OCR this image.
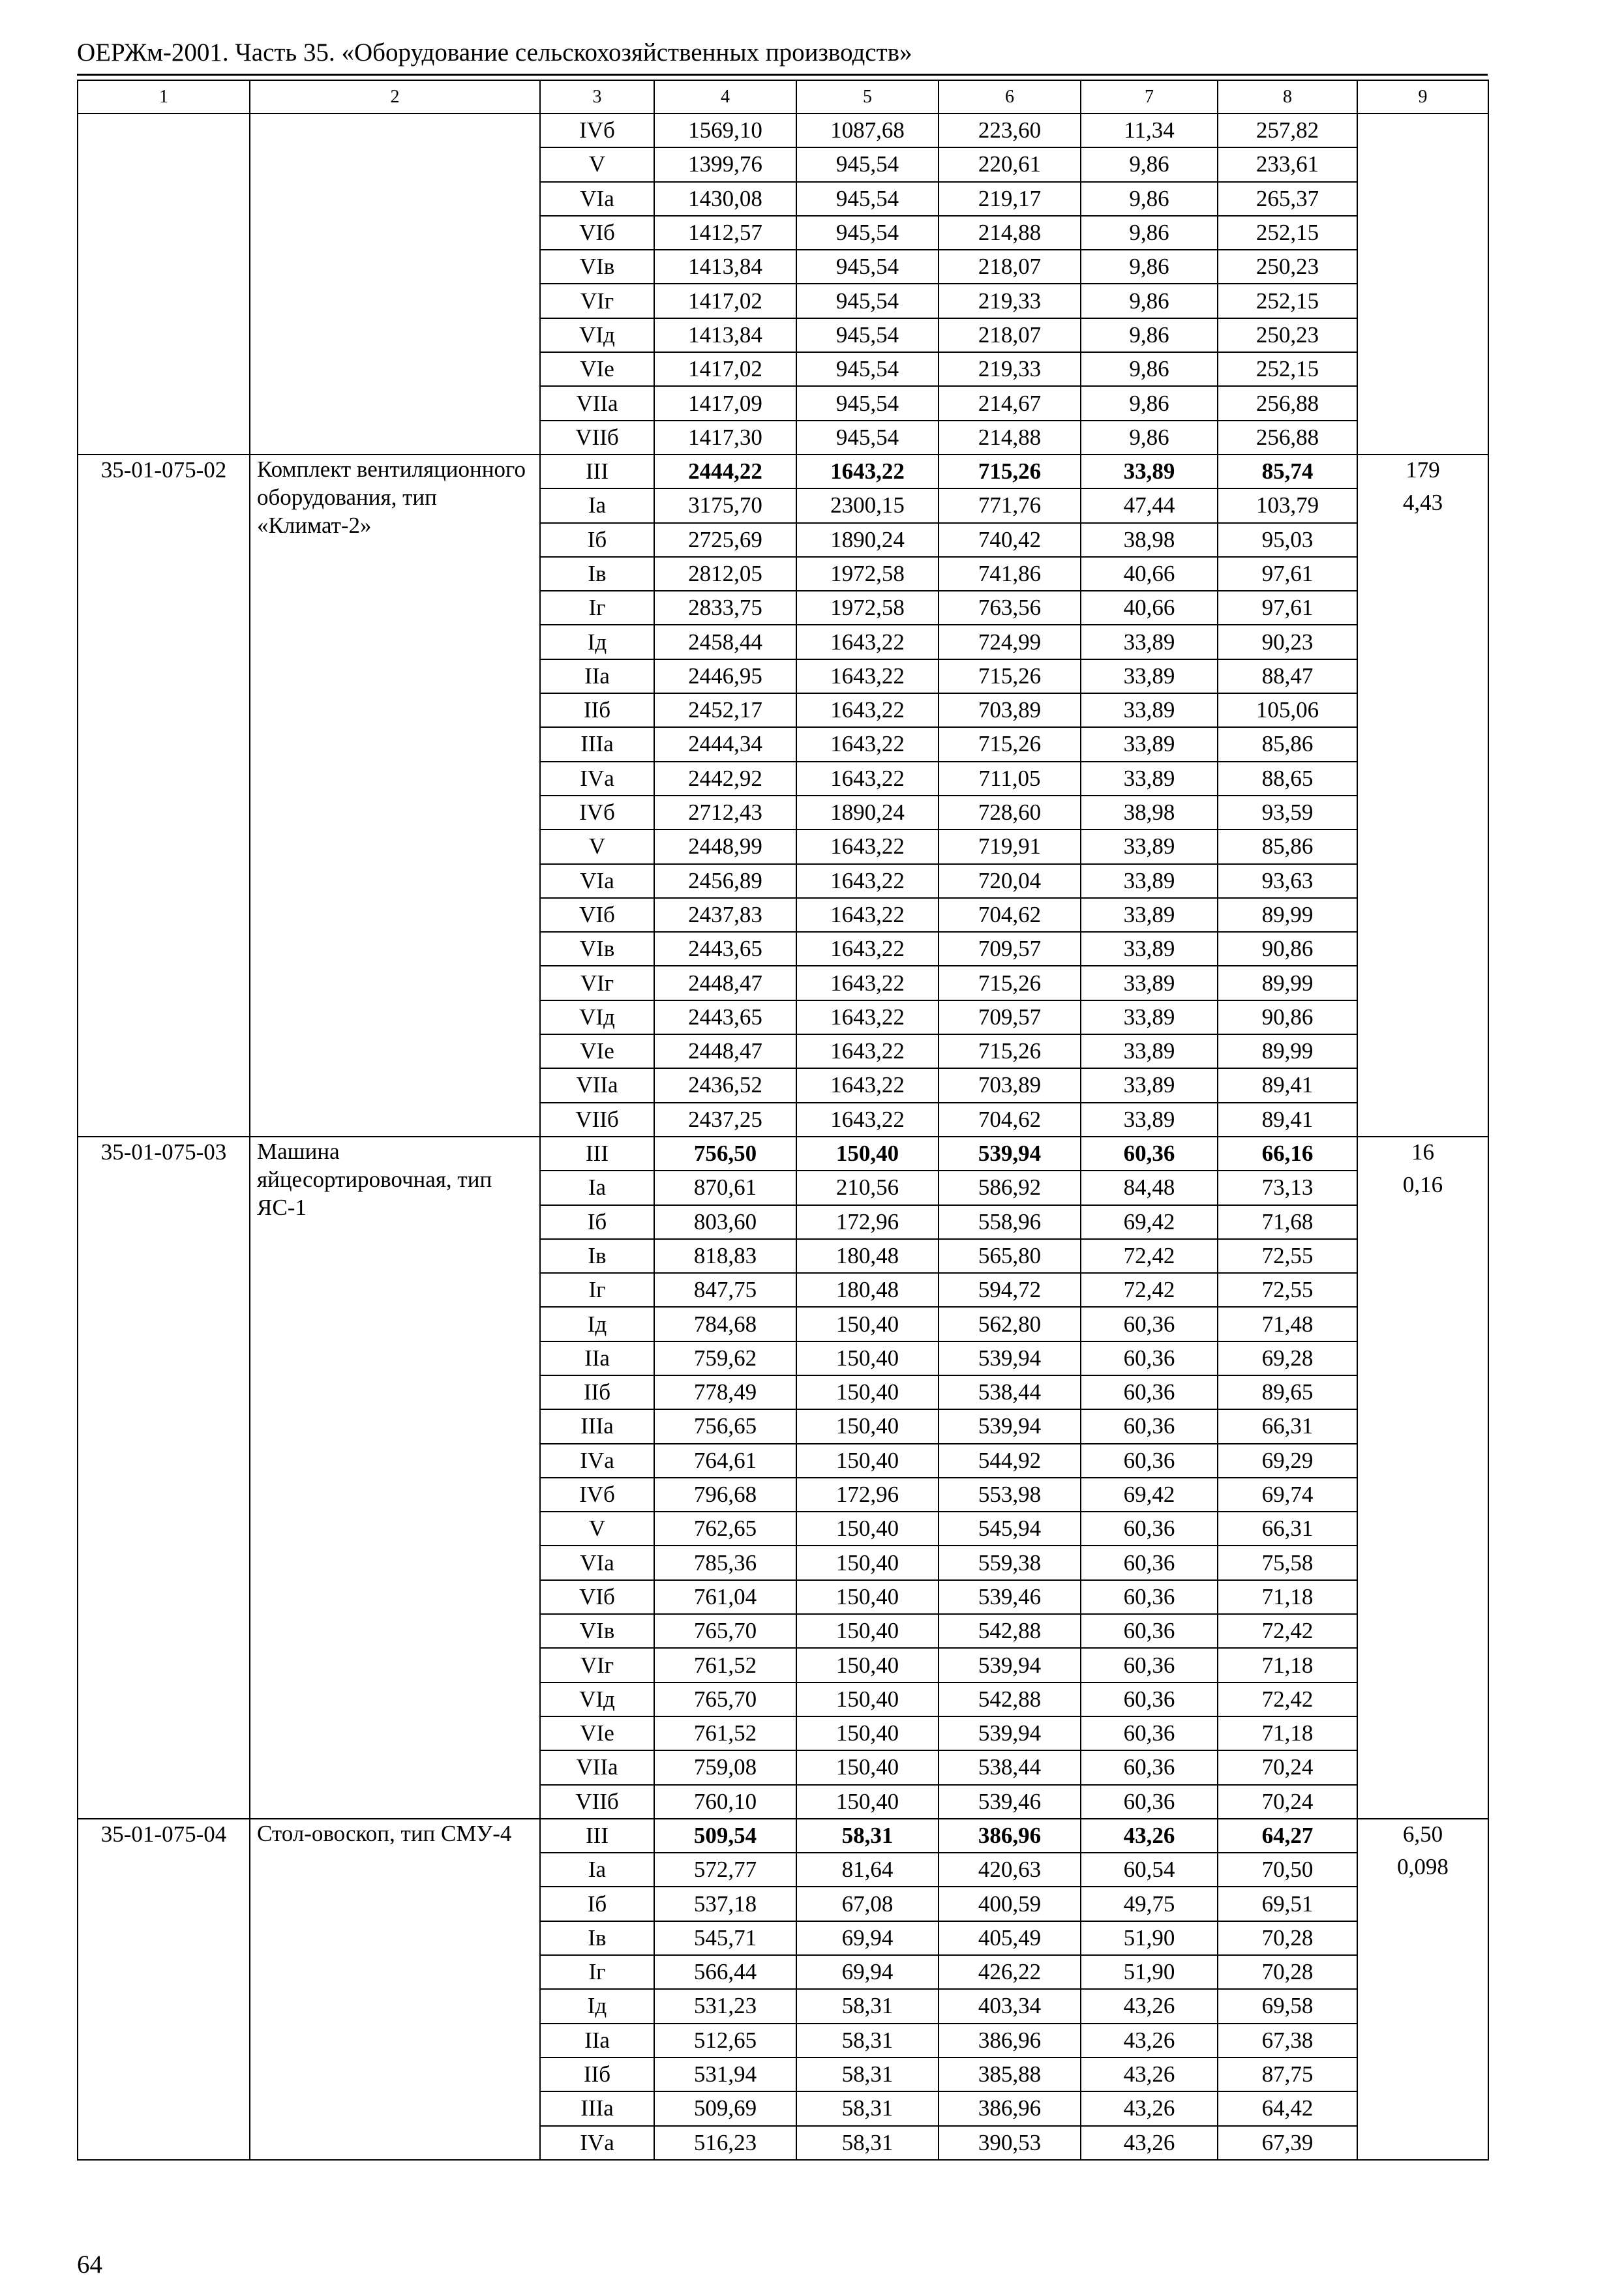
ОЕРЖм-2001. Часть 35. «Оборудование сельскохозяйственных производств»
1	2	3	4	5	6	7	8	9
		IVб	1569,10	1087,68	223,60	11,34	257,82	
		V	1399,76	945,54	220,61	9,86	233,61	
		VIа	1430,08	945,54	219,17	9,86	265,37	
		VIб	1412,57	945,54	214,88	9,86	252,15	
		VIв	1413,84	945,54	218,07	9,86	250,23	
		VIг	1417,02	945,54	219,33	9,86	252,15	
		VIд	1413,84	945,54	218,07	9,86	250,23	
		VIе	1417,02	945,54	219,33	9,86	252,15	
		VIIа	1417,09	945,54	214,67	9,86	256,88	
		VIIб	1417,30	945,54	214,88	9,86	256,88	
35-01-075-02	Комплект вентиляционного оборудования, тип «Климат-2»	III	2444,22	1643,22	715,26	33,89	85,74	179
4,43

		Iа	3175,70	2300,15	771,76	47,44	103,79	
		Iб	2725,69	1890,24	740,42	38,98	95,03	
		Iв	2812,05	1972,58	741,86	40,66	97,61	
		Iг	2833,75	1972,58	763,56	40,66	97,61	
		Iд	2458,44	1643,22	724,99	33,89	90,23	
		IIа	2446,95	1643,22	715,26	33,89	88,47	
		IIб	2452,17	1643,22	703,89	33,89	105,06	
		IIIа	2444,34	1643,22	715,26	33,89	85,86	
		IVа	2442,92	1643,22	711,05	33,89	88,65	
		IVб	2712,43	1890,24	728,60	38,98	93,59	
		V	2448,99	1643,22	719,91	33,89	85,86	
		VIа	2456,89	1643,22	720,04	33,89	93,63	
		VIб	2437,83	1643,22	704,62	33,89	89,99	
		VIв	2443,65	1643,22	709,57	33,89	90,86	
		VIг	2448,47	1643,22	715,26	33,89	89,99	
		VIд	2443,65	1643,22	709,57	33,89	90,86	
		VIе	2448,47	1643,22	715,26	33,89	89,99	
		VIIа	2436,52	1643,22	703,89	33,89	89,41	
		VIIб	2437,25	1643,22	704,62	33,89	89,41	
35-01-075-03	Машина яйцесортировочная, тип ЯС-1	III	756,50	150,40	539,94	60,36	66,16	16
0,16

		Iа	870,61	210,56	586,92	84,48	73,13	
		Iб	803,60	172,96	558,96	69,42	71,68	
		Iв	818,83	180,48	565,80	72,42	72,55	
		Iг	847,75	180,48	594,72	72,42	72,55	
		Iд	784,68	150,40	562,80	60,36	71,48	
		IIа	759,62	150,40	539,94	60,36	69,28	
		IIб	778,49	150,40	538,44	60,36	89,65	
		IIIа	756,65	150,40	539,94	60,36	66,31	
		IVа	764,61	150,40	544,92	60,36	69,29	
		IVб	796,68	172,96	553,98	69,42	69,74	
		V	762,65	150,40	545,94	60,36	66,31	
		VIа	785,36	150,40	559,38	60,36	75,58	
		VIб	761,04	150,40	539,46	60,36	71,18	
		VIв	765,70	150,40	542,88	60,36	72,42	
		VIг	761,52	150,40	539,94	60,36	71,18	
		VIд	765,70	150,40	542,88	60,36	72,42	
		VIе	761,52	150,40	539,94	60,36	71,18	
		VIIа	759,08	150,40	538,44	60,36	70,24	
		VIIб	760,10	150,40	539,46	60,36	70,24	
35-01-075-04	Стол-овоскоп, тип СМУ-4	III	509,54	58,31	386,96	43,26	64,27	6,50
0,098

		Iа	572,77	81,64	420,63	60,54	70,50	
		Iб	537,18	67,08	400,59	49,75	69,51	
		Iв	545,71	69,94	405,49	51,90	70,28	
		Iг	566,44	69,94	426,22	51,90	70,28	
		Iд	531,23	58,31	403,34	43,26	69,58	
		IIа	512,65	58,31	386,96	43,26	67,38	
		IIб	531,94	58,31	385,88	43,26	87,75	
		IIIа	509,69	58,31	386,96	43,26	64,42	
		IVа	516,23	58,31	390,53	43,26	67,39	
64
